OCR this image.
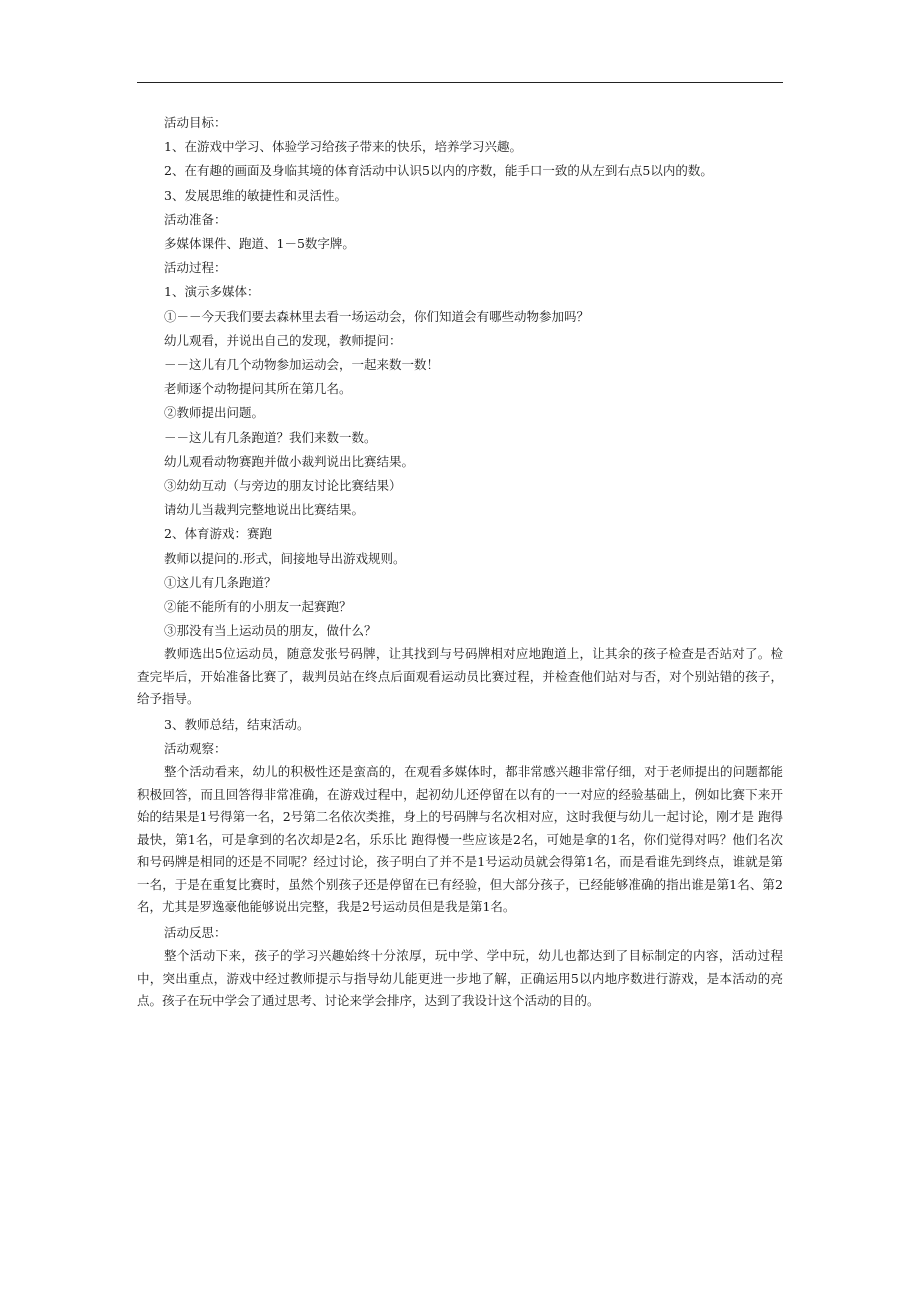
活动目标：
1、在游戏中学习、体验学习给孩子带来的快乐，培养学习兴趣。
2、在有趣的画面及身临其境的体育活动中认识5以内的序数，能手口一致的从左到右点5以内的数。
3、发展思维的敏捷性和灵活性。
活动准备：
多媒体课件、跑道、1－5数字牌。
活动过程：
1、演示多媒体：
①－－今天我们要去森林里去看一场运动会，你们知道会有哪些动物参加吗？
幼儿观看，并说出自己的发现，教师提问：
－－这儿有几个动物参加运动会，一起来数一数！
老师逐个动物提问其所在第几名。
②教师提出问题。
－－这儿有几条跑道？我们来数一数。
幼儿观看动物赛跑并做小裁判说出比赛结果。
③幼幼互动（与旁边的朋友讨论比赛结果）
请幼儿当裁判完整地说出比赛结果。
2、体育游戏：赛跑
教师以提问的.形式，间接地导出游戏规则。
①这儿有几条跑道？
②能不能所有的小朋友一起赛跑？
③那没有当上运动员的朋友，做什么？

教师选出5位运动员，随意发张号码牌，让其找到与号码牌相对应地跑道上，让其余的孩子检查是否站对了。检查完毕后，开始准备比赛了，裁判员站在终点后面观看运动员比赛过程，并检查他们站对与否，对个别站错的孩子，给予指导。

3、教师总结，结束活动。
活动观察：

整个活动看来，幼儿的积极性还是蛮高的，在观看多媒体时，都非常感兴趣非常仔细，对于老师提出的问题都能积极回答，而且回答得非常准确，在游戏过程中，起初幼儿还停留在以有的一一对应的经验基础上，例如比赛下来开始的结果是1号得第一名，2号第二名依次类推，身上的号码牌与名次相对应，这时我便与幼儿一起讨论，刚才是 跑得最快，第1名，可是拿到的名次却是2名，乐乐比 跑得慢一些应该是2名，可她是拿的1名，你们觉得对吗？他们名次和号码牌是相同的还是不同呢？经过讨论，孩子明白了并不是1号运动员就会得第1名，而是看谁先到终点，谁就是第一名，于是在重复比赛时，虽然个别孩子还是停留在已有经验，但大部分孩子，已经能够准确的指出谁是第1名、第2名，尤其是罗逸豪他能够说出完整，我是2号运动员但是我是第1名。

活动反思：

整个活动下来，孩子的学习兴趣始终十分浓厚，玩中学、学中玩，幼儿也都达到了目标制定的内容，活动过程中，突出重点，游戏中经过教师提示与指导幼儿能更进一步地了解，正确运用5以内地序数进行游戏，是本活动的亮点。孩子在玩中学会了通过思考、讨论来学会排序，达到了我设计这个活动的目的。
